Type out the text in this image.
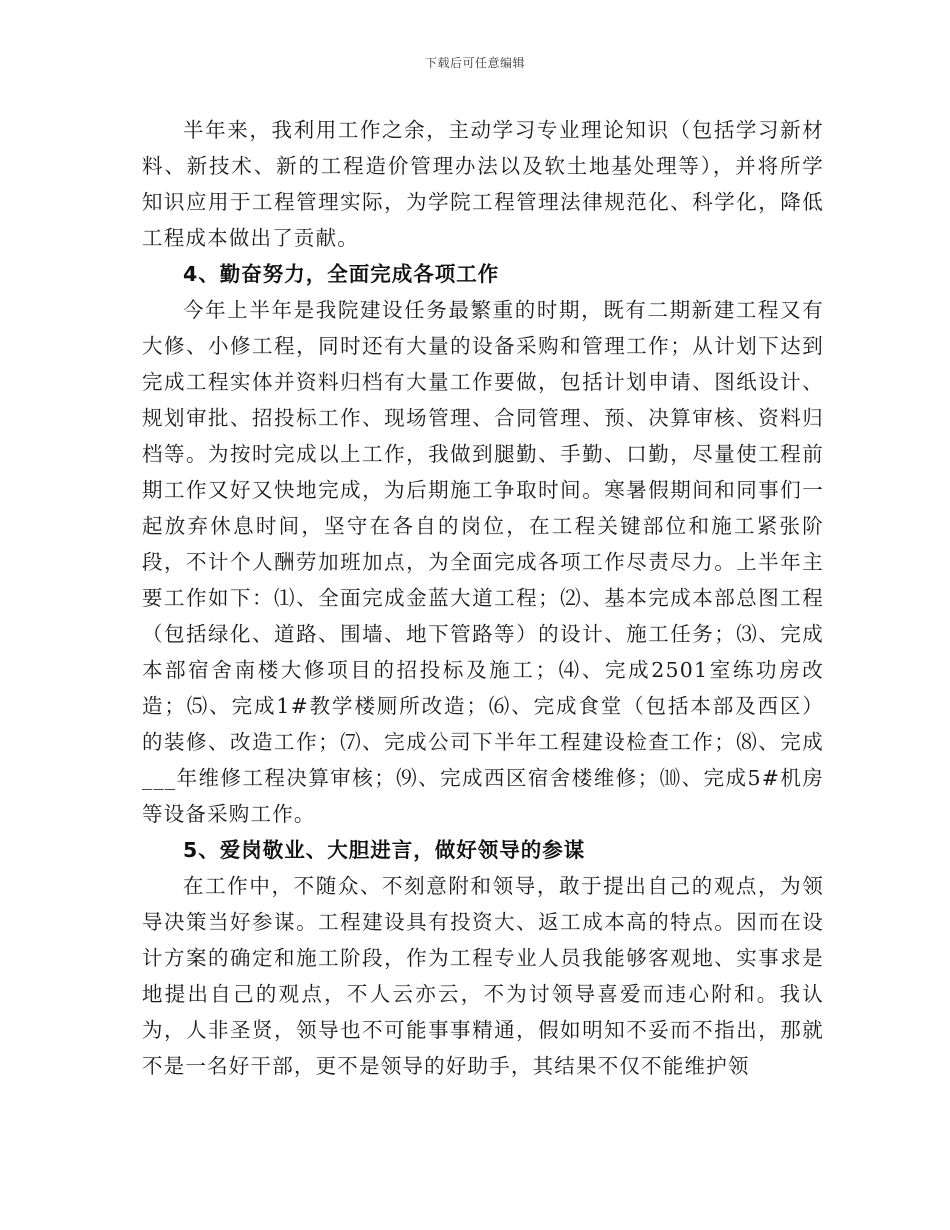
下载后可任意编辑

半年来，我利用工作之余，主动学习专业理论知识（包括学习新材料、新技术、新的工程造价管理办法以及软土地基处理等），并将所学知识应用于工程管理实际，为学院工程管理法律规范化、科学化，降低工程成本做出了贡献。

4、勤奋努力，全面完成各项工作

今年上半年是我院建设任务最繁重的时期，既有二期新建工程又有大修、小修工程，同时还有大量的设备采购和管理工作；从计划下达到完成工程实体并资料归档有大量工作要做，包括计划申请、图纸设计、规划审批、招投标工作、现场管理、合同管理、预、决算审核、资料归档等。为按时完成以上工作，我做到腿勤、手勤、口勤，尽量使工程前期工作又好又快地完成，为后期施工争取时间。寒暑假期间和同事们一起放弃休息时间，坚守在各自的岗位，在工程关键部位和施工紧张阶段，不计个人酬劳加班加点，为全面完成各项工作尽责尽力。上半年主要工作如下：⑴、全面完成金蓝大道工程；⑵、基本完成本部总图工程（包括绿化、道路、围墙、地下管路等）的设计、施工任务；⑶、完成本部宿舍南楼大修项目的招投标及施工；⑷、完成2501室练功房改造；⑸、完成1#教学楼厕所改造；⑹、完成食堂（包括本部及西区）的装修、改造工作；⑺、完成公司下半年工程建设检查工作；⑻、完成___年维修工程决算审核；⑼、完成西区宿舍楼维修；⑽、完成5#机房等设备采购工作。

5、爱岗敬业、大胆进言，做好领导的参谋

在工作中，不随众、不刻意附和领导，敢于提出自己的观点，为领导决策当好参谋。工程建设具有投资大、返工成本高的特点。因而在设计方案的确定和施工阶段，作为工程专业人员我能够客观地、实事求是地提出自己的观点，不人云亦云，不为讨领导喜爱而违心附和。我认为，人非圣贤，领导也不可能事事精通，假如明知不妥而不指出，那就不是一名好干部，更不是领导的好助手，其结果不仅不能维护领
